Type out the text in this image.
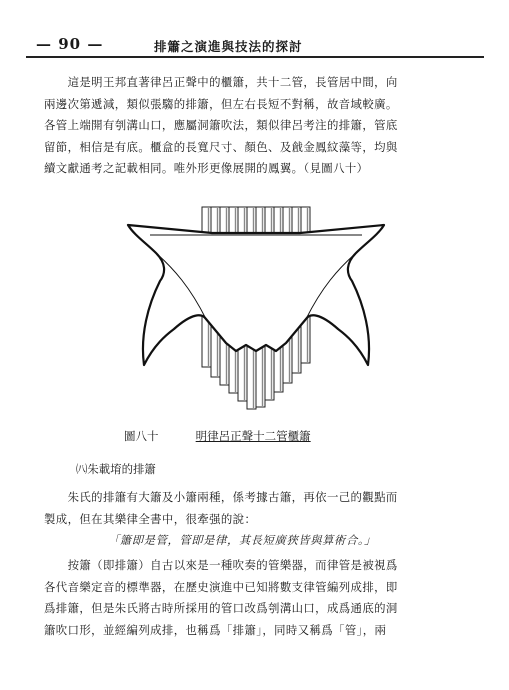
— 90 —	排簫之演進與技法的探討
　　這是明王邦直著律呂正聲中的櫃簫，共十二管，長管居中間，向
兩邊次第遞減，類似張騶的排簫，但左右長短不對稱，故音域較廣。
各管上端開有刳溝山口，應屬洞簫吹法，類似律呂考注的排簫，管底
留節，相信是有底。櫃盒的長寬尺寸、顏色、及戧金鳳紋藻等，均與
續文獻通考之記載相同。唯外形更像展開的鳳翼。（見圖八十）
圖八十	明律呂正聲十二管櫃簫
㈧朱載堉的排簫
　　朱氏的排簫有大簫及小簫兩種，係考據古簫，再依一己的觀點而
製成，但在其樂律全書中，很牽强的說：
「簫即是管，管即是律，其長短廣狹皆與算術合。」
　　按簫（即排簫）自古以來是一種吹奏的管樂器，而律管是被視爲
各代音樂定音的標準器，在歷史演進中已知將數支律管編列成排，即
爲排簫，但是朱氏將古時所採用的管口改爲刳溝山口，成爲通底的洞
簫吹口形，並經編列成排，也稱爲「排簫」，同時又稱爲「管」，兩
